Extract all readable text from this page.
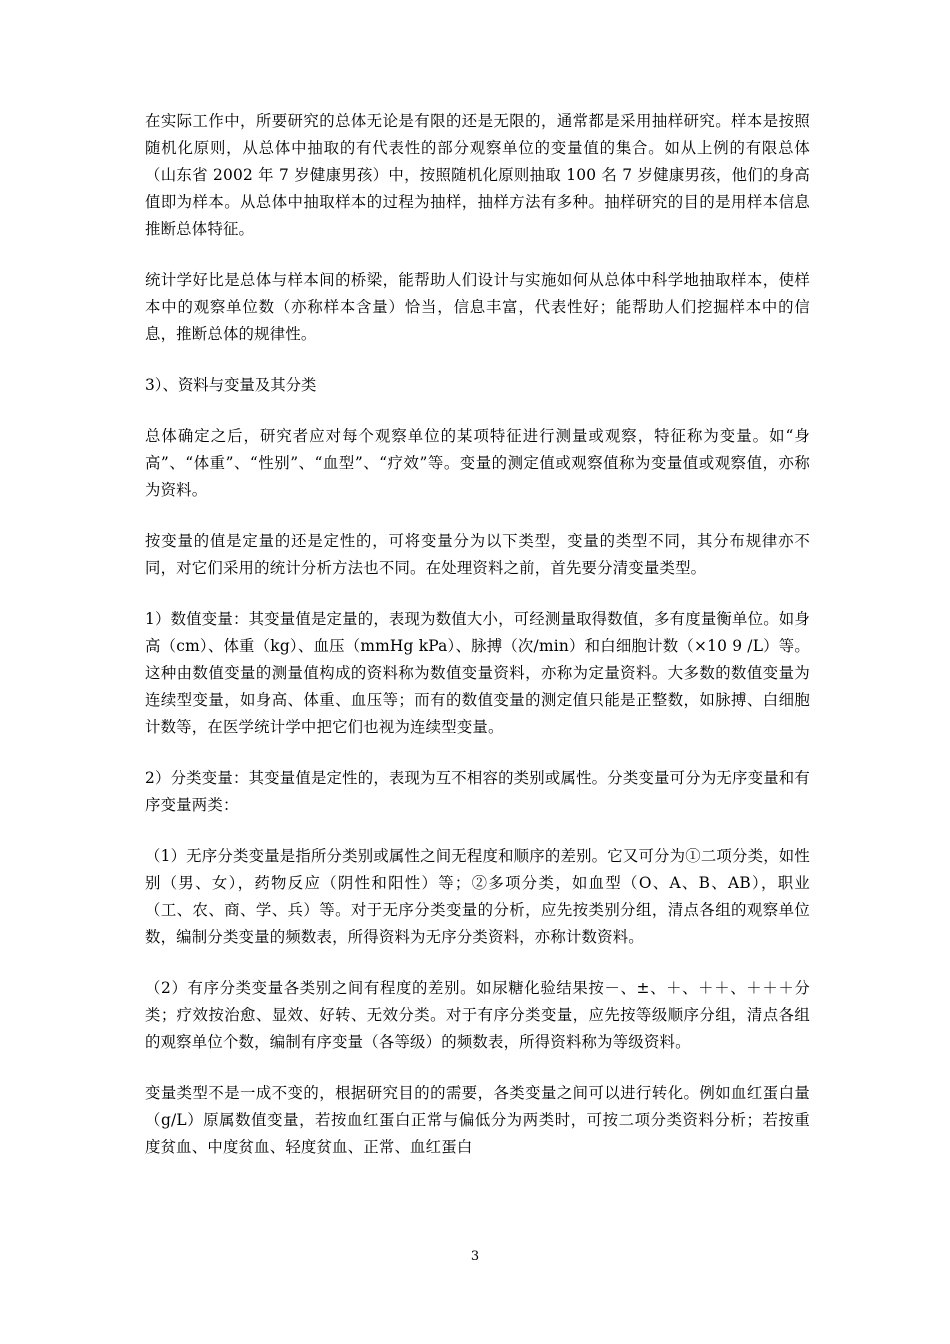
在实际工作中，所要研究的总体无论是有限的还是无限的，通常都是采用抽样研究。样本是按照随机化原则，从总体中抽取的有代表性的部分观察单位的变量值的集合。如从上例的有限总体（山东省 2002 年 7 岁健康男孩）中，按照随机化原则抽取 100 名 7 岁健康男孩，他们的身高值即为样本。从总体中抽取样本的过程为抽样，抽样方法有多种。抽样研究的目的是用样本信息推断总体特征。

统计学好比是总体与样本间的桥梁，能帮助人们设计与实施如何从总体中科学地抽取样本，使样本中的观察单位数（亦称样本含量）恰当，信息丰富，代表性好；能帮助人们挖掘样本中的信息，推断总体的规律性。

3）、资料与变量及其分类

总体确定之后，研究者应对每个观察单位的某项特征进行测量或观察，特征称为变量。如“身高”、“体重”、“性别”、“血型”、“疗效”等。变量的测定值或观察值称为变量值或观察值，亦称为资料。

按变量的值是定量的还是定性的，可将变量分为以下类型，变量的类型不同，其分布规律亦不同，对它们采用的统计分析方法也不同。在处理资料之前，首先要分清变量类型。

1）数值变量：其变量值是定量的，表现为数值大小，可经测量取得数值，多有度量衡单位。如身高（cm）、体重（kg）、血压（mmHg kPa）、脉搏（次/min）和白细胞计数（×10 9 /L）等。这种由数值变量的测量值构成的资料称为数值变量资料，亦称为定量资料。大多数的数值变量为连续型变量，如身高、体重、血压等；而有的数值变量的测定值只能是正整数，如脉搏、白细胞计数等，在医学统计学中把它们也视为连续型变量。

2）分类变量：其变量值是定性的，表现为互不相容的类别或属性。分类变量可分为无序变量和有序变量两类：

（1）无序分类变量是指所分类别或属性之间无程度和顺序的差别。它又可分为①二项分类，如性别（男、女），药物反应（阴性和阳性）等；②多项分类，如血型（O、A、B、AB），职业（工、农、商、学、兵）等。对于无序分类变量的分析，应先按类别分组，清点各组的观察单位数，编制分类变量的频数表，所得资料为无序分类资料，亦称计数资料。

（2）有序分类变量各类别之间有程度的差别。如尿糖化验结果按－、±、＋、＋＋、＋＋＋分类；疗效按治愈、显效、好转、无效分类。对于有序分类变量，应先按等级顺序分组，清点各组的观察单位个数，编制有序变量（各等级）的频数表，所得资料称为等级资料。

变量类型不是一成不变的，根据研究目的的需要，各类变量之间可以进行转化。例如血红蛋白量（g/L）原属数值变量，若按血红蛋白正常与偏低分为两类时，可按二项分类资料分析；若按重度贫血、中度贫血、轻度贫血、正常、血红蛋白

3
